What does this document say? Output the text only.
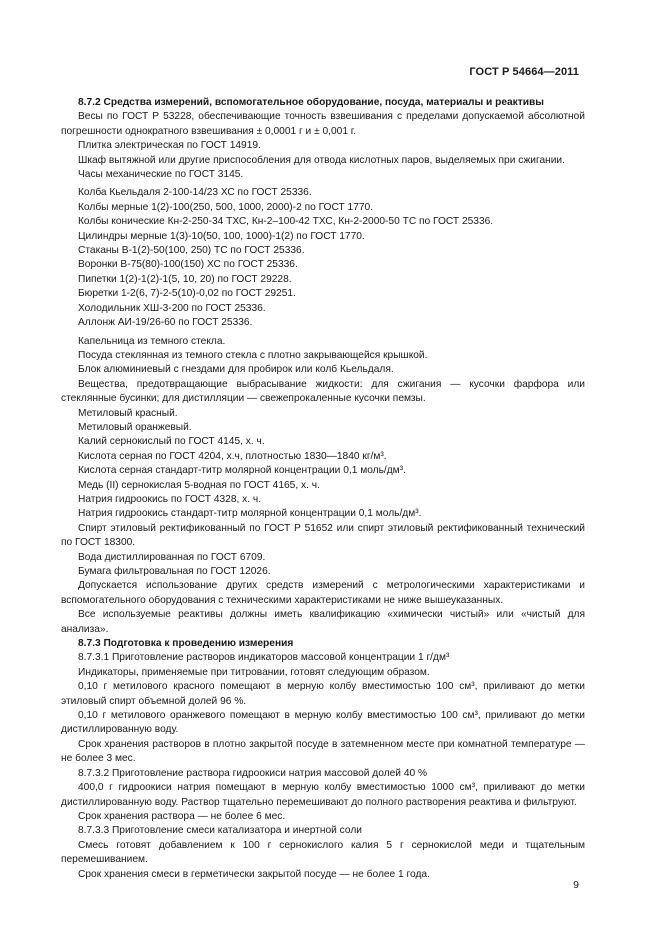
ГОСТ Р 54664—2011

8.7.2 Средства измерений, вспомогательное оборудование, посуда, материалы и реактивы

Весы по ГОСТ Р 53228, обеспечивающие точность взвешивания с пределами допускаемой абсолютной погрешности однократного взвешивания ± 0,0001 г и ± 0,001 г.

Плитка электрическая по ГОСТ 14919.

Шкаф вытяжной или другие приспособления для отвода кислотных паров, выделяемых при сжигании.

Часы механические по ГОСТ 3145.

Колба Кьельдаля 2-100-14/23 ХС по ГОСТ 25336.

Колбы мерные 1(2)-100(250, 500, 1000, 2000)-2 по ГОСТ 1770.

Колбы конические Кн-2-250-34 ТХС, Кн-2–100-42 ТХС, Кн-2-2000-50 ТС по ГОСТ 25336.

Цилиндры мерные 1(3)-10(50, 100, 1000)-1(2) по ГОСТ 1770.

Стаканы В-1(2)-50(100, 250) ТС по ГОСТ 25336.

Воронки В-75(80)-100(150) ХС по ГОСТ 25336.

Пипетки 1(2)-1(2)-1(5, 10, 20) по ГОСТ 29228.

Бюретки 1-2(6, 7)-2-5(10)-0,02 по ГОСТ 29251.

Холодильник ХШ-3-200 по ГОСТ 25336.

Аллонж АИ-19/26-60 по ГОСТ 25336.

Капельница из темного стекла.

Посуда стеклянная из темного стекла с плотно закрывающейся крышкой.

Блок алюминиевый с гнездами для пробирок или колб Кьельдаля.

Вещества, предотвращающие выбрасывание жидкости: для сжигания — кусочки фарфора или стеклянные бусинки; для дистилляции — свежепрокаленные кусочки пемзы.

Метиловый красный.

Метиловый оранжевый.

Калий сернокислый по ГОСТ 4145, х. ч.

Кислота серная по ГОСТ 4204, х.ч, плотностью 1830—1840 кг/м³.

Кислота серная стандарт-титр молярной концентрации 0,1 моль/дм³.

Медь (II) сернокислая 5-водная по ГОСТ 4165, х. ч.

Натрия гидроокись по ГОСТ 4328, х. ч.

Натрия гидроокись стандарт-титр молярной концентрации 0,1 моль/дм³.

Спирт этиловый ректификованный по ГОСТ Р 51652 или спирт этиловый ректификованный технический по ГОСТ 18300.

Вода дистиллированная по ГОСТ 6709.

Бумага фильтровальная по ГОСТ 12026.

Допускается использование других средств измерений с метрологическими характеристиками и вспомогательного оборудования с техническими характеристиками не ниже вышеуказанных.

Все используемые реактивы должны иметь квалификацию «химически чистый» или «чистый для анализа».

8.7.3 Подготовка к проведению измерения

8.7.3.1 Приготовление растворов индикаторов массовой концентрации 1 г/дм³

Индикаторы, применяемые при титровании, готовят следующим образом.

0,10 г метилового красного помещают в мерную колбу вместимостью 100 см³, приливают до метки этиловый спирт объемной долей 96 %.

0,10 г метилового оранжевого помещают в мерную колбу вместимостью 100 см³, приливают до метки дистиллированную воду.

Срок хранения растворов в плотно закрытой посуде в затемненном месте при комнатной температуре — не более 3 мес.

8.7.3.2 Приготовление раствора гидроокиси натрия массовой долей 40 %

400,0 г гидроокиси натрия помещают в мерную колбу вместимостью 1000 см³, приливают до метки дистиллированную воду. Раствор тщательно перемешивают до полного растворения реактива и фильтруют.

Срок хранения раствора — не более 6 мес.

8.7.3.3 Приготовление смеси катализатора и инертной соли

Смесь готовят добавлением к 100 г сернокислого калия 5 г сернокислой меди и тщательным перемешиванием.

Срок хранения смеси в герметически закрытой посуде — не более 1 года.

9
